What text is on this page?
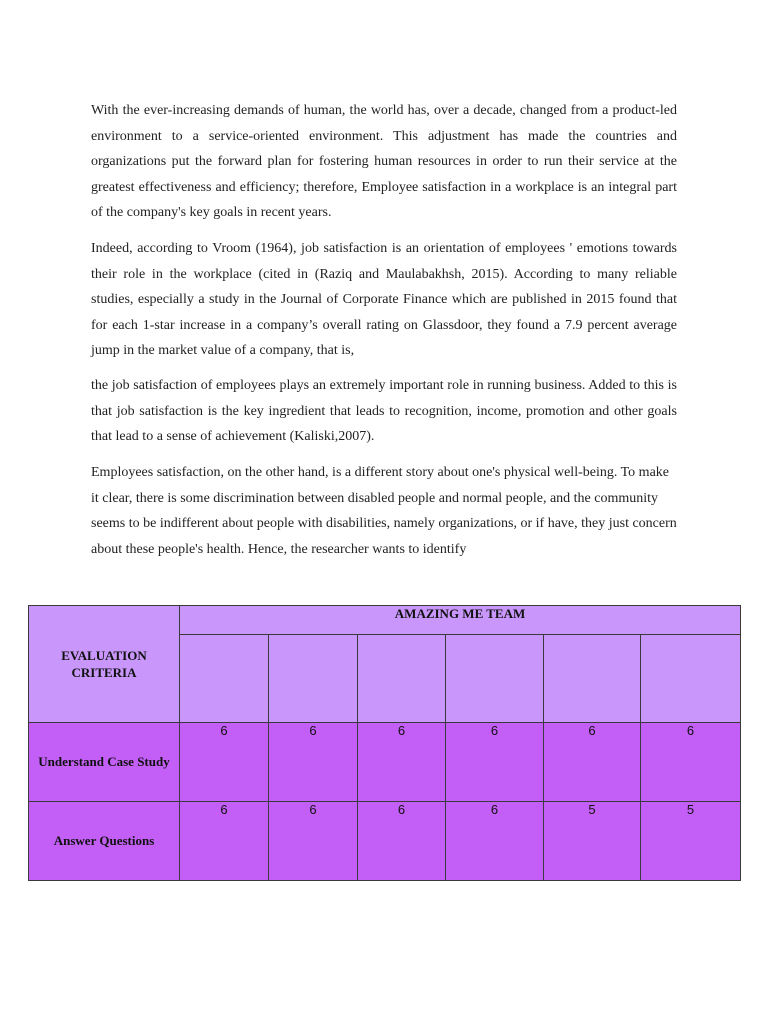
With the ever-increasing demands of human, the world has, over a decade, changed from a product-led environment to a service-oriented environment. This adjustment has made the countries and organizations put the forward plan for fostering human resources in order to run their service at the greatest effectiveness and efficiency; therefore, Employee satisfaction in a workplace is an integral part of the company's key goals in recent years.

Indeed, according to Vroom (1964), job satisfaction is an orientation of employees ' emotions towards their role in the workplace (cited in (Raziq and Maulabakhsh, 2015). According to many reliable studies, especially a study in the Journal of Corporate Finance which are published in 2015 found that for each 1-star increase in a company’s overall rating on Glassdoor, they found a 7.9 percent average jump in the market value of a company, that is,

the job satisfaction of employees plays an extremely important role in running business. Added to this is that job satisfaction is the key ingredient that leads to recognition, income, promotion and other goals that lead to a sense of achievement (Kaliski,2007).

Employees satisfaction, on the other hand, is a different story about one's physical well-being. To make it clear, there is some discrimination between disabled people and normal people, and the community seems to be indifferent about people with disabilities, namely organizations, or if have, they just concern about these people's health. Hence, the researcher wants to identify

EVALUATION CRITERIA	AMAZING ME TEAM					

Understand Case Study	6	6	6	6	6	6
Answer Questions	6	6	6	6	5	5
